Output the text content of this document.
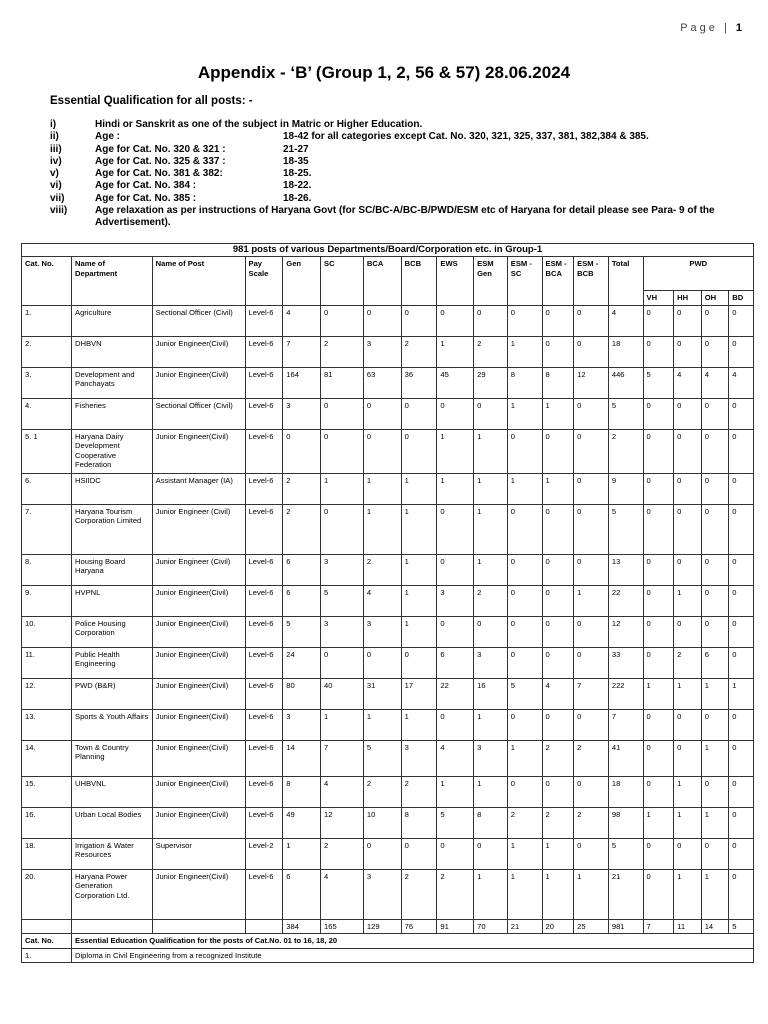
Page | 1
Appendix - ‘B’ (Group 1, 2, 56 & 57) 28.06.2024
Essential Qualification for all posts: -
i)	Hindi or Sanskrit as one of the subject in Matric or Higher Education.
ii)	Age :	18-42 for all categories except Cat. No. 320, 321, 325, 337, 381, 382,384 & 385.
iii)	Age for Cat. No. 320 & 321 :	21-27
iv)	Age for Cat. No. 325 & 337 :	18-35
v)	Age for Cat. No. 381 & 382:	18-25.
vi)	Age for Cat. No. 384 :	18-22.
vii)	Age for Cat. No. 385 :	18-26.
viii)	Age relaxation as per instructions of Haryana Govt (for SC/BC-A/BC-B/PWD/ESM etc of Haryana for detail please see Para- 9 of the Advertisement).
981 posts of various Departments/Board/Corporation etc. in Group-1																	
Cat. No.	Name of Department	Name of Post	Pay Scale	Gen	SC	BCA	BCB	EWS	ESM Gen	ESM -SC	ESM -BCA	ESM -BCB	Total	PWD			
														VH	HH	OH	BD
1.	Agriculture	Sectional Officer (Civil)	Level-6	4	0	0	0	0	0	0	0	0	4	0	0	0	0
2.	DHBVN	Junior Engineer(Civil)	Level-6	7	2	3	2	1	2	1	0	0	18	0	0	0	0
3.	Development and Panchayats	Junior Engineer(Civil)	Level-6	164	81	63	36	45	29	8	8	12	446	5	4	4	4
4.	Fisheries	Sectional Officer (Civil)	Level-6	3	0	0	0	0	0	1	1	0	5	0	0	0	0
5. 1	Haryana Dairy Development Cooperative Federation	Junior Engineer(Civil)	Level-6	0	0	0	0	1	1	0	0	0	2	0	0	0	0
6.	HSIIDC	Assistant Manager (IA)	Level-6	2	1	1	1	1	1	1	1	0	9	0	0	0	0
7.	Haryana Tourism Corporation Limited	Junior Engineer (Civil)	Level-6	2	0	1	1	0	1	0	0	0	5	0	0	0	0
8.	Housing Board Haryana	Junior Engineer (Civil)	Level-6	6	3	2	1	0	1	0	0	0	13	0	0	0	0
9.	HVPNL	Junior Engineer(Civil)	Level-6	6	5	4	1	3	2	0	0	1	22	0	1	0	0
10.	Police Housing Corporation	Junior Engineer(Civil)	Level-6	5	3	3	1	0	0	0	0	0	12	0	0	0	0
11.	Public Health Engineering	Junior Engineer(Civil)	Level-6	24	0	0	0	6	3	0	0	0	33	0	2	6	0
12.	PWD (B&R)	Junior Engineer(Civil)	Level-6	80	40	31	17	22	16	5	4	7	222	1	1	1	1
13.	Sports & Youth Affairs	Junior Engineer(Civil)	Level-6	3	1	1	1	0	1	0	0	0	7	0	0	0	0
14.	Town & Country Planning	Junior Engineer(Civil)	Level-6	14	7	5	3	4	3	1	2	2	41	0	0	1	0
15.	UHBVNL	Junior Engineer(Civil)	Level-6	8	4	2	2	1	1	0	0	0	18	0	1	0	0
16.	Urban Local Bodies	Junior Engineer(Civil)	Level-6	49	12	10	8	5	8	2	2	2	98	1	1	1	0
18.	Irrigation & Water Resources	Supervisor	Level-2	1	2	0	0	0	0	1	1	0	5	0	0	0	0
20.	Haryana Power Generation Corporation Ltd.	Junior Engineer(Civil)	Level-6	6	4	3	2	2	1	1	1	1	21	0	1	1	0
				384	165	129	76	91	70	21	20	25	981	7	11	14	5
Cat. No.	Essential Education Qualification for the posts of Cat.No. 01 to 16, 18, 20																
1.	Diploma in Civil Engineering from a recognized Institute																
